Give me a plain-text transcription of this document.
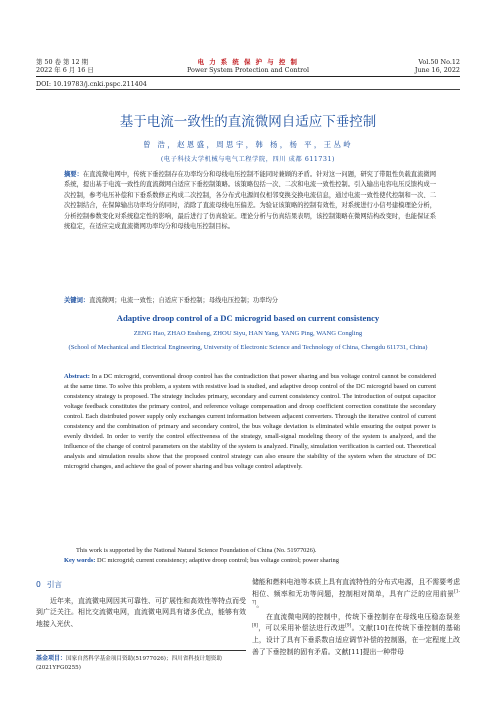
第 50 卷 第 12 期
2022 年 6 月 16 日
电 力 系 统 保 护 与 控 制
Power System Protection and Control
Vol.50 No.12
June 16, 2022
DOI: 10.19783/j.cnki.pspc.211404
基于电流一致性的直流微网自适应下垂控制
曾 浩，赵恩盛，周思宇，韩 杨，杨 平，王丛岭
(电子科技大学机械与电气工程学院，四川 成都 611731)
摘要：在直流微电网中，传统下垂控制存在功率均分和母线电压控制不能同时兼顾的矛盾。针对这一问题，研究了带阻性负载直流微网系统，提出基于电流一致性的直流微网自适应下垂控制策略。该策略包括一次、二次和电流一致性控制。引入输出电容电压反馈构成一次控制，参考电压补偿和下垂系数修正构成二次控制，各分布式电源间仅相邻变换交换电流信息，通过电流一致性使代控制和一次、二次控制结合，在保障输出功率均分的同时，消除了直流母线电压偏差。为验证该策略的控制有效性，对系统进行小信号建模理论分析，分析控制参数变化对系统稳定性的影响，最后进行了仿真验证。理论分析与仿真结果表明，该控制策略在微网结构改变时，也能保证系统稳定，在适应完成直流微网功率均分和母线电压控制目标。
关键词：直流微网；电流一致性；自适应下垂控制；母线电压控制；功率均分
Adaptive droop control of a DC microgrid based on current consistency
ZENG Hao, ZHAO Ensheng, ZHOU Siyu, HAN Yang, YANG Ping, WANG Congling
(School of Mechanical and Electrical Engineering, University of Electronic Science and Technology of China, Chengdu 611731, China)
Abstract: In a DC microgrid, conventional droop control has the contradiction that power sharing and bus voltage control cannot be considered at the same time. To solve this problem, a system with resistive load is studied, and adaptive droop control of the DC microgrid based on current consistency strategy is proposed. The strategy includes primary, secondary and current consistency control. The introduction of output capacitor voltage feedback constitutes the primary control, and reference voltage compensation and droop coefficient correction constitute the secondary control. Each distributed power supply only exchanges current information between adjacent converters. Through the iterative control of current consistency and the combination of primary and secondary control, the bus voltage deviation is eliminated while ensuring the output power is evenly divided. In order to verify the control effectiveness of the strategy, small-signal modeling theory of the system is analyzed, and the influence of the change of control parameters on the stability of the system is analyzed. Finally, simulation verification is carried out. Theoretical analysis and simulation results show that the proposed control strategy can also ensure the stability of the system when the structure of DC microgrid changes, and achieve the goal of power sharing and bus voltage control adaptively.
This work is supported by the National Natural Science Foundation of China (No. 51977026).
Key words: DC microgrid; current consistency; adaptive droop control; bus voltage control; power sharing
0 引言
近年来，直流微电网因其可靠性、可扩展性和高效性等特点而受到广泛关注。相比交流微电网，直流微电网具有诸多优点，能够有效地接入光伏、
储能和燃料电池等本质上具有直流特性的分布式电源，且不需要考虑相位、频率和无功等问题，控制相对简单，具有广泛的应用前景[1-7]。
在直流微电网的控制中，传统下垂控制存在母线电压稳态误差[8]，可以采用补偿法进行改进[9]。文献[10]在传统下垂控制的基础上，设计了具有下垂系数自适应调节补偿的控制器，在一定程度上改善了下垂控制的固有矛盾。文献[11]提出一种带母
基金项目：国家自然科学基金项目资助(51977026)；四川省科技计划资助(2021YFG0255)
